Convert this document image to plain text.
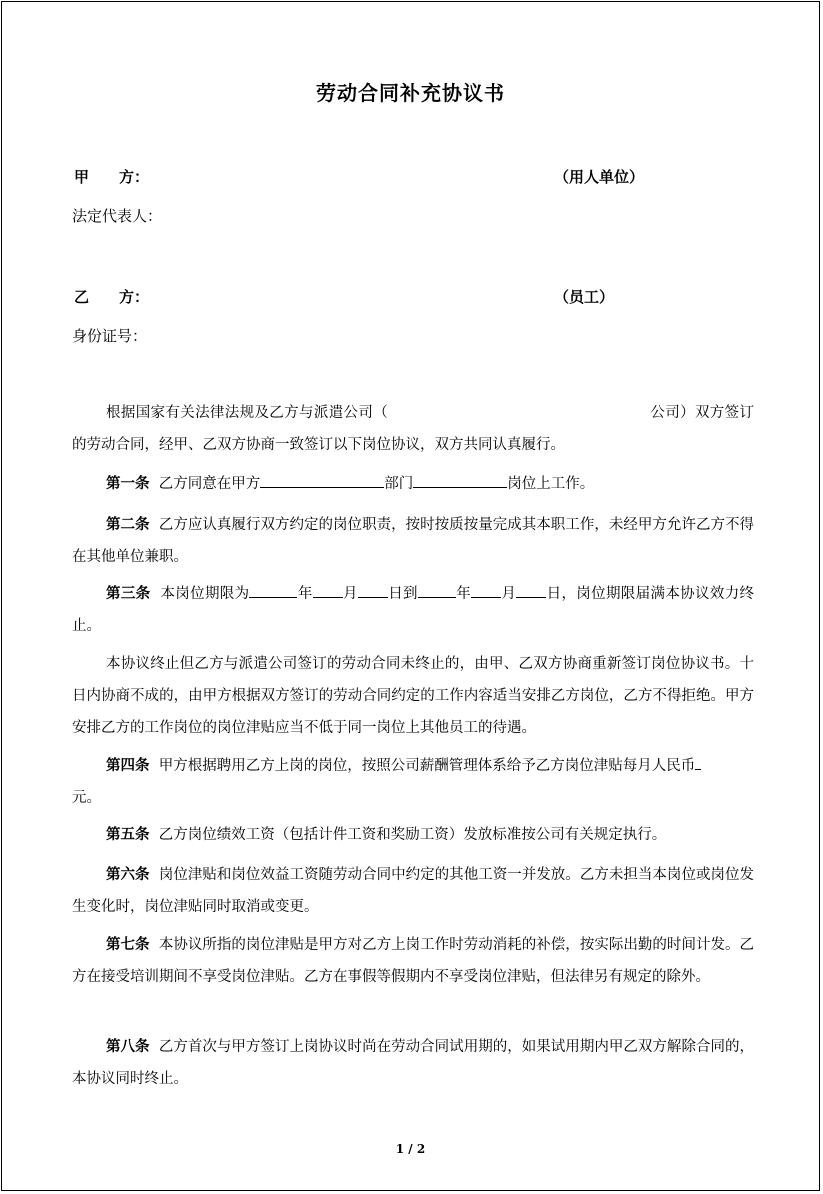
劳动合同补充协议书
甲 方：	（用人单位）
法定代表人：
乙 方：	（员工）
身份证号：
根据国家有关法律法规及乙方与派遣公司（	公司）双方签订的劳动合同，经甲、乙双方协商一致签订以下岗位协议，双方共同认真履行。
第一条 乙方同意在甲方	部门	岗位上工作。
第二条 乙方应认真履行双方约定的岗位职责，按时按质按量完成其本职工作，未经甲方允许乙方不得在其他单位兼职。
第三条 本岗位期限为	年 月 日到	年 月 日，岗位期限届满本协议效力终止。
本协议终止但乙方与派遣公司签订的劳动合同未终止的，由甲、乙双方协商重新签订岗位协议书。十日内协商不成的，由甲方根据双方签订的劳动合同约定的工作内容适当安排乙方岗位，乙方不得拒绝。甲方安排乙方的工作岗位的岗位津贴应当不低于同一岗位上其他员工的待遇。
第四条 甲方根据聘用乙方上岗的岗位，按照公司薪酬管理体系给予乙方岗位津贴每月人民币
元。
第五条 乙方岗位绩效工资（包括计件工资和奖励工资）发放标准按公司有关规定执行。
第六条 岗位津贴和岗位效益工资随劳动合同中约定的其他工资一并发放。乙方未担当本岗位或岗位发生变化时，岗位津贴同时取消或变更。
第七条 本协议所指的岗位津贴是甲方对乙方上岗工作时劳动消耗的补偿，按实际出勤的时间计发。乙方在接受培训期间不享受岗位津贴。乙方在事假等假期内不享受岗位津贴，但法律另有规定的除外。
第八条 乙方首次与甲方签订上岗协议时尚在劳动合同试用期的，如果试用期内甲乙双方解除合同的，本协议同时终止。
1 / 2
